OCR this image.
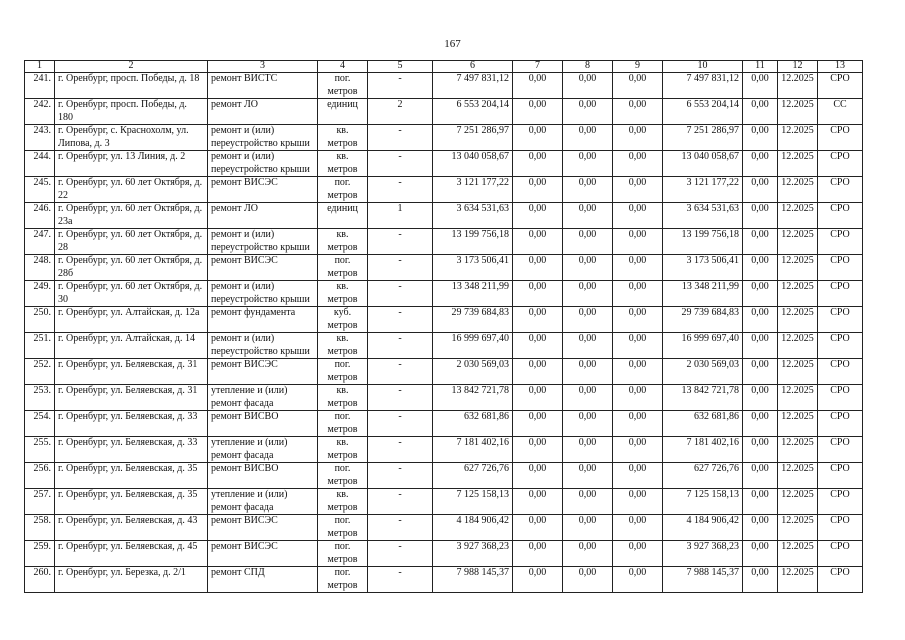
167
1	2	3	4	5	6	7	8	9	10	11	12	13
241.	г. Оренбург, просп. Победы, д. 18	ремонт ВИСТС	пог. метров	-	7 497 831,12	0,00	0,00	0,00	7 497 831,12	0,00	12.2025	СРО
242.	г. Оренбург, просп. Победы, д. 180	ремонт ЛО	единиц	2	6 553 204,14	0,00	0,00	0,00	6 553 204,14	0,00	12.2025	СС
243.	г. Оренбург, с. Краснохолм, ул. Липова, д. 3	ремонт и (или) переустройство крыши	кв. метров	-	7 251 286,97	0,00	0,00	0,00	7 251 286,97	0,00	12.2025	СРО
244.	г. Оренбург, ул. 13 Линия, д. 2	ремонт и (или) переустройство крыши	кв. метров	-	13 040 058,67	0,00	0,00	0,00	13 040 058,67	0,00	12.2025	СРО
245.	г. Оренбург, ул. 60 лет Октября, д. 22	ремонт ВИСЭС	пог. метров	-	3 121 177,22	0,00	0,00	0,00	3 121 177,22	0,00	12.2025	СРО
246.	г. Оренбург, ул. 60 лет Октября, д. 23а	ремонт ЛО	единиц	1	3 634 531,63	0,00	0,00	0,00	3 634 531,63	0,00	12.2025	СРО
247.	г. Оренбург, ул. 60 лет Октября, д. 28	ремонт и (или) переустройство крыши	кв. метров	-	13 199 756,18	0,00	0,00	0,00	13 199 756,18	0,00	12.2025	СРО
248.	г. Оренбург, ул. 60 лет Октября, д. 28б	ремонт ВИСЭС	пог. метров	-	3 173 506,41	0,00	0,00	0,00	3 173 506,41	0,00	12.2025	СРО
249.	г. Оренбург, ул. 60 лет Октября, д. 30	ремонт и (или) переустройство крыши	кв. метров	-	13 348 211,99	0,00	0,00	0,00	13 348 211,99	0,00	12.2025	СРО
250.	г. Оренбург, ул. Алтайская, д. 12а	ремонт фундамента	куб. метров	-	29 739 684,83	0,00	0,00	0,00	29 739 684,83	0,00	12.2025	СРО
251.	г. Оренбург, ул. Алтайская, д. 14	ремонт и (или) переустройство крыши	кв. метров	-	16 999 697,40	0,00	0,00	0,00	16 999 697,40	0,00	12.2025	СРО
252.	г. Оренбург, ул. Беляевская, д. 31	ремонт ВИСЭС	пог. метров	-	2 030 569,03	0,00	0,00	0,00	2 030 569,03	0,00	12.2025	СРО
253.	г. Оренбург, ул. Беляевская, д. 31	утепление и (или) ремонт фасада	кв. метров	-	13 842 721,78	0,00	0,00	0,00	13 842 721,78	0,00	12.2025	СРО
254.	г. Оренбург, ул. Беляевская, д. 33	ремонт ВИСВО	пог. метров	-	632 681,86	0,00	0,00	0,00	632 681,86	0,00	12.2025	СРО
255.	г. Оренбург, ул. Беляевская, д. 33	утепление и (или) ремонт фасада	кв. метров	-	7 181 402,16	0,00	0,00	0,00	7 181 402,16	0,00	12.2025	СРО
256.	г. Оренбург, ул. Беляевская, д. 35	ремонт ВИСВО	пог. метров	-	627 726,76	0,00	0,00	0,00	627 726,76	0,00	12.2025	СРО
257.	г. Оренбург, ул. Беляевская, д. 35	утепление и (или) ремонт фасада	кв. метров	-	7 125 158,13	0,00	0,00	0,00	7 125 158,13	0,00	12.2025	СРО
258.	г. Оренбург, ул. Беляевская, д. 43	ремонт ВИСЭС	пог. метров	-	4 184 906,42	0,00	0,00	0,00	4 184 906,42	0,00	12.2025	СРО
259.	г. Оренбург, ул. Беляевская, д. 45	ремонт ВИСЭС	пог. метров	-	3 927 368,23	0,00	0,00	0,00	3 927 368,23	0,00	12.2025	СРО
260.	г. Оренбург, ул. Березка, д. 2/1	ремонт СПД	пог. метров	-	7 988 145,37	0,00	0,00	0,00	7 988 145,37	0,00	12.2025	СРО
